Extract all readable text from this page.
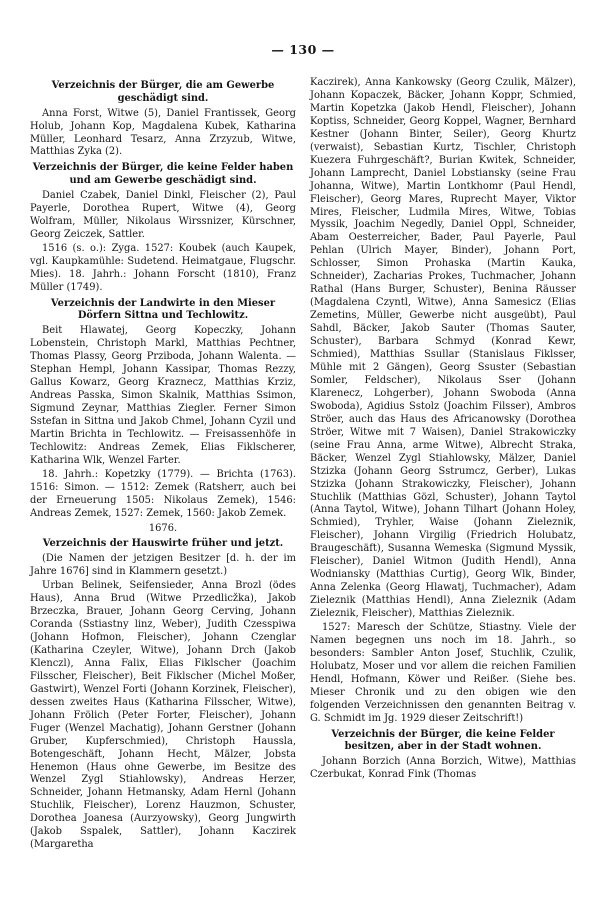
— 130 —

Verzeichnis der Bürger, die am Gewerbe geschädigt sind.

Anna Forst, Witwe (5), Daniel Frantissek, Georg Holub, Johann Kop, Magdalena Kubek, Katharina Müller, Leonhard Tesarz, Anna Zrzyzub, Witwe, Matthias Zyka (2).

Verzeichnis der Bürger, die keine Felder haben und am Gewerbe geschädigt sind.

Daniel Czabek, Daniel Dinkl, Fleischer (2), Paul Payerle, Dorothea Rupert, Witwe (4), Georg Wolfram, Müller, Nikolaus Wirssnizer, Kürschner, Georg Zeiczek, Sattler.

1516 (s. o.): Zyga. 1527: Koubek (auch Kaupek, vgl. Kaupkamühle: Sudetend. Heimatgaue, Flugschr. Mies). 18. Jahrh.: Johann Forscht (1810), Franz Müller (1749).

Verzeichnis der Landwirte in den Mieser Dörfern Sittna und Techlowitz.

Beit Hlawatej, Georg Kopeczky, Johann Lobenstein, Christoph Markl, Matthias Pechtner, Thomas Plassy, Georg Prziboda, Johann Walenta. — Stephan Hempl, Johann Kassipar, Thomas Rezzy, Gallus Kowarz, Georg Kraznecz, Matthias Krziz, Andreas Passka, Simon Skalnik, Matthias Ssimon, Sigmund Zeynar, Matthias Ziegler. Ferner Simon Sstefan in Sittna und Jakob Chmel, Johann Cyzil und Martin Brichta in Techlowitz. — Freisassenhöfe in Techlowitz: Andreas Zemek, Elias Fiklscherer, Katharina Wlk, Wenzel Farter.

18. Jahrh.: Kopetzky (1779). — Brichta (1763). 1516: Simon. — 1512: Zemek (Ratsherr, auch bei der Erneuerung 1505: Nikolaus Zemek), 1546: Andreas Zemek, 1527: Zemek, 1560: Jakob Zemek.

1676.

Verzeichnis der Hauswirte früher und jetzt.

(Die Namen der jetzigen Besitzer [d. h. der im Jahre 1676] sind in Klammern gesetzt.)

Urban Belinek, Seifensieder, Anna Brozl (ödes Haus), Anna Brud (Witwe Przedlicžka), Jakob Brzeczka, Brauer, Johann Georg Cerving, Johann Coranda (Sstiastny linz, Weber), Judith Czesspiwa (Johann Hofmon, Fleischer), Johann Czenglar (Katharina Czeyler, Witwe), Johann Drch (Jakob Klenczl), Anna Falix, Elias Fiklscher (Joachim Filsscher, Fleischer), Beit Fiklscher (Michel Moßer, Gastwirt), Wenzel Forti (Johann Korzinek, Fleischer), dessen zweites Haus (Katharina Filsscher, Witwe), Johann Frölich (Peter Forter, Fleischer), Johann Fuger (Wenzel Machatig), Johann Gerstner (Johann Gruber, Kupferschmied), Christoph Haussla, Botengeschäft, Johann Hecht, Mälzer, Jobsta Henemon (Haus ohne Gewerbe, im Besitze des Wenzel Zygl Stiahlowsky), Andreas Herzer, Schneider, Johann Hetmansky, Adam Hernl (Johann Stuchlik, Fleischer), Lorenz Hauzmon, Schuster, Dorothea Joanesa (Aurzyowsky), Georg Jungwirth (Jakob Sspalek, Sattler), Johann Kaczirek (Margaretha

Kaczirek), Anna Kankowsky (Georg Czulik, Mälzer), Johann Kopaczek, Bäcker, Johann Koppr, Schmied, Martin Kopetzka (Jakob Hendl, Fleischer), Johann Koptiss, Schneider, Georg Koppel, Wagner, Bernhard Kestner (Johann Binter, Seiler), Georg Khurtz (verwaist), Sebastian Kurtz, Tischler, Christoph Kuezera Fuhrgeschäft?, Burian Kwitek, Schneider, Johann Lamprecht, Daniel Lobstiansky (seine Frau Johanna, Witwe), Martin Lontkhomr (Paul Hendl, Fleischer), Georg Mares, Ruprecht Mayer, Viktor Mires, Fleischer, Ludmila Mires, Witwe, Tobias Myssik, Joachim Negedly, Daniel Oppl, Schneider, Abam Oesterreicher, Bader, Paul Payerle, Paul Pehlan (Ulrich Mayer, Binder), Johann Port, Schlosser, Simon Prohaska (Martin Kauka, Schneider), Zacharias Prokes, Tuchmacher, Johann Rathal (Hans Burger, Schuster), Benina Räusser (Magdalena Czyntl, Witwe), Anna Samesicz (Elias Zemetins, Müller, Gewerbe nicht ausgeübt), Paul Sahdl, Bäcker, Jakob Sauter (Thomas Sauter, Schuster), Barbara Schmyd (Konrad Kewr, Schmied), Matthias Ssullar (Stanislaus Fiklsser, Mühle mit 2 Gängen), Georg Ssuster (Sebastian Somler, Feldscher), Nikolaus Sser (Johann Klarenecz, Lohgerber), Johann Swoboda (Anna Swoboda), Agidius Sstolz (Joachim Filsser), Ambros Ströer, auch das Haus des Africanowsky (Dorothea Ströer, Witwe mit 7 Waisen), Daniel Strakowiczky (seine Frau Anna, arme Witwe), Albrecht Straka, Bäcker, Wenzel Zygl Stiahlowsky, Mälzer, Daniel Stzizka (Johann Georg Sstrumcz, Gerber), Lukas Stzizka (Johann Strakowiczky, Fleischer), Johann Stuchlik (Matthias Gözl, Schuster), Johann Taytol (Anna Taytol, Witwe), Johann Tilhart (Johann Holey, Schmied), Tryhler, Waise (Johann Zieleznik, Fleischer), Johann Virgilig (Friedrich Holubatz, Braugeschäft), Susanna Wemeska (Sigmund Myssik, Fleischer), Daniel Witmon (Judith Hendl), Anna Wodniansky (Matthias Curtig), Georg Wlk, Binder, Anna Zelenka (Georg Hlawatj, Tuchmacher), Adam Zieleznik (Matthias Hendl), Anna Zieleznik (Adam Zieleznik, Fleischer), Matthias Zieleznik.

1527: Maresch der Schütze, Stiastny. Viele der Namen begegnen uns noch im 18. Jahrh., so besonders: Sambler Anton Josef, Stuchlik, Czulik, Holubatz, Moser und vor allem die reichen Familien Hendl, Hofmann, Köwer und Reißer. (Siehe bes. Mieser Chronik und zu den obigen wie den folgenden Verzeichnissen den genannten Beitrag v. G. Schmidt im Jg. 1929 dieser Zeitschrift!)

Verzeichnis der Bürger, die keine Felder besitzen, aber in der Stadt wohnen.

Johann Borzich (Anna Borzich, Witwe), Matthias Czerbukat, Konrad Fink (Thomas
